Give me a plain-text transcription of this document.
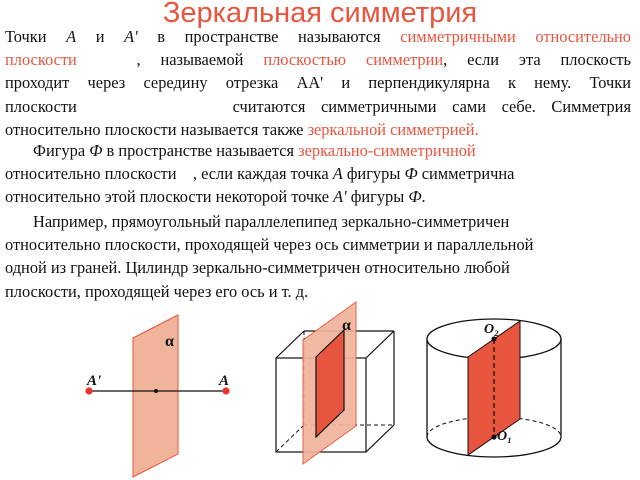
Зеркальная симметрия
Точки A и A' в пространстве называются симметричными относительно
плоскости	, называемой плоскостью симметрии, если эта плоскость
проходит через середину отрезка AA' и перпендикулярна к нему. Точки
плоскости          считаются симметричными сами себе. Симметрия
относительно плоскости называется также зеркальной симметрией.
Фигура Ф в пространстве называется зеркально-симметричной
относительно плоскости    , если каждая точка A фигуры Ф симметрична
относительно этой плоскости некоторой точке A' фигуры Ф.
Например, прямоугольный параллелепипед зеркально-симметричен
относительно плоскости, проходящей через ось симметрии и параллельной
одной из граней. Цилиндр зеркально-симметричен относительно любой
плоскости, проходящей через его ось и т. д.
α
A'	A
α	O₂
O₁
